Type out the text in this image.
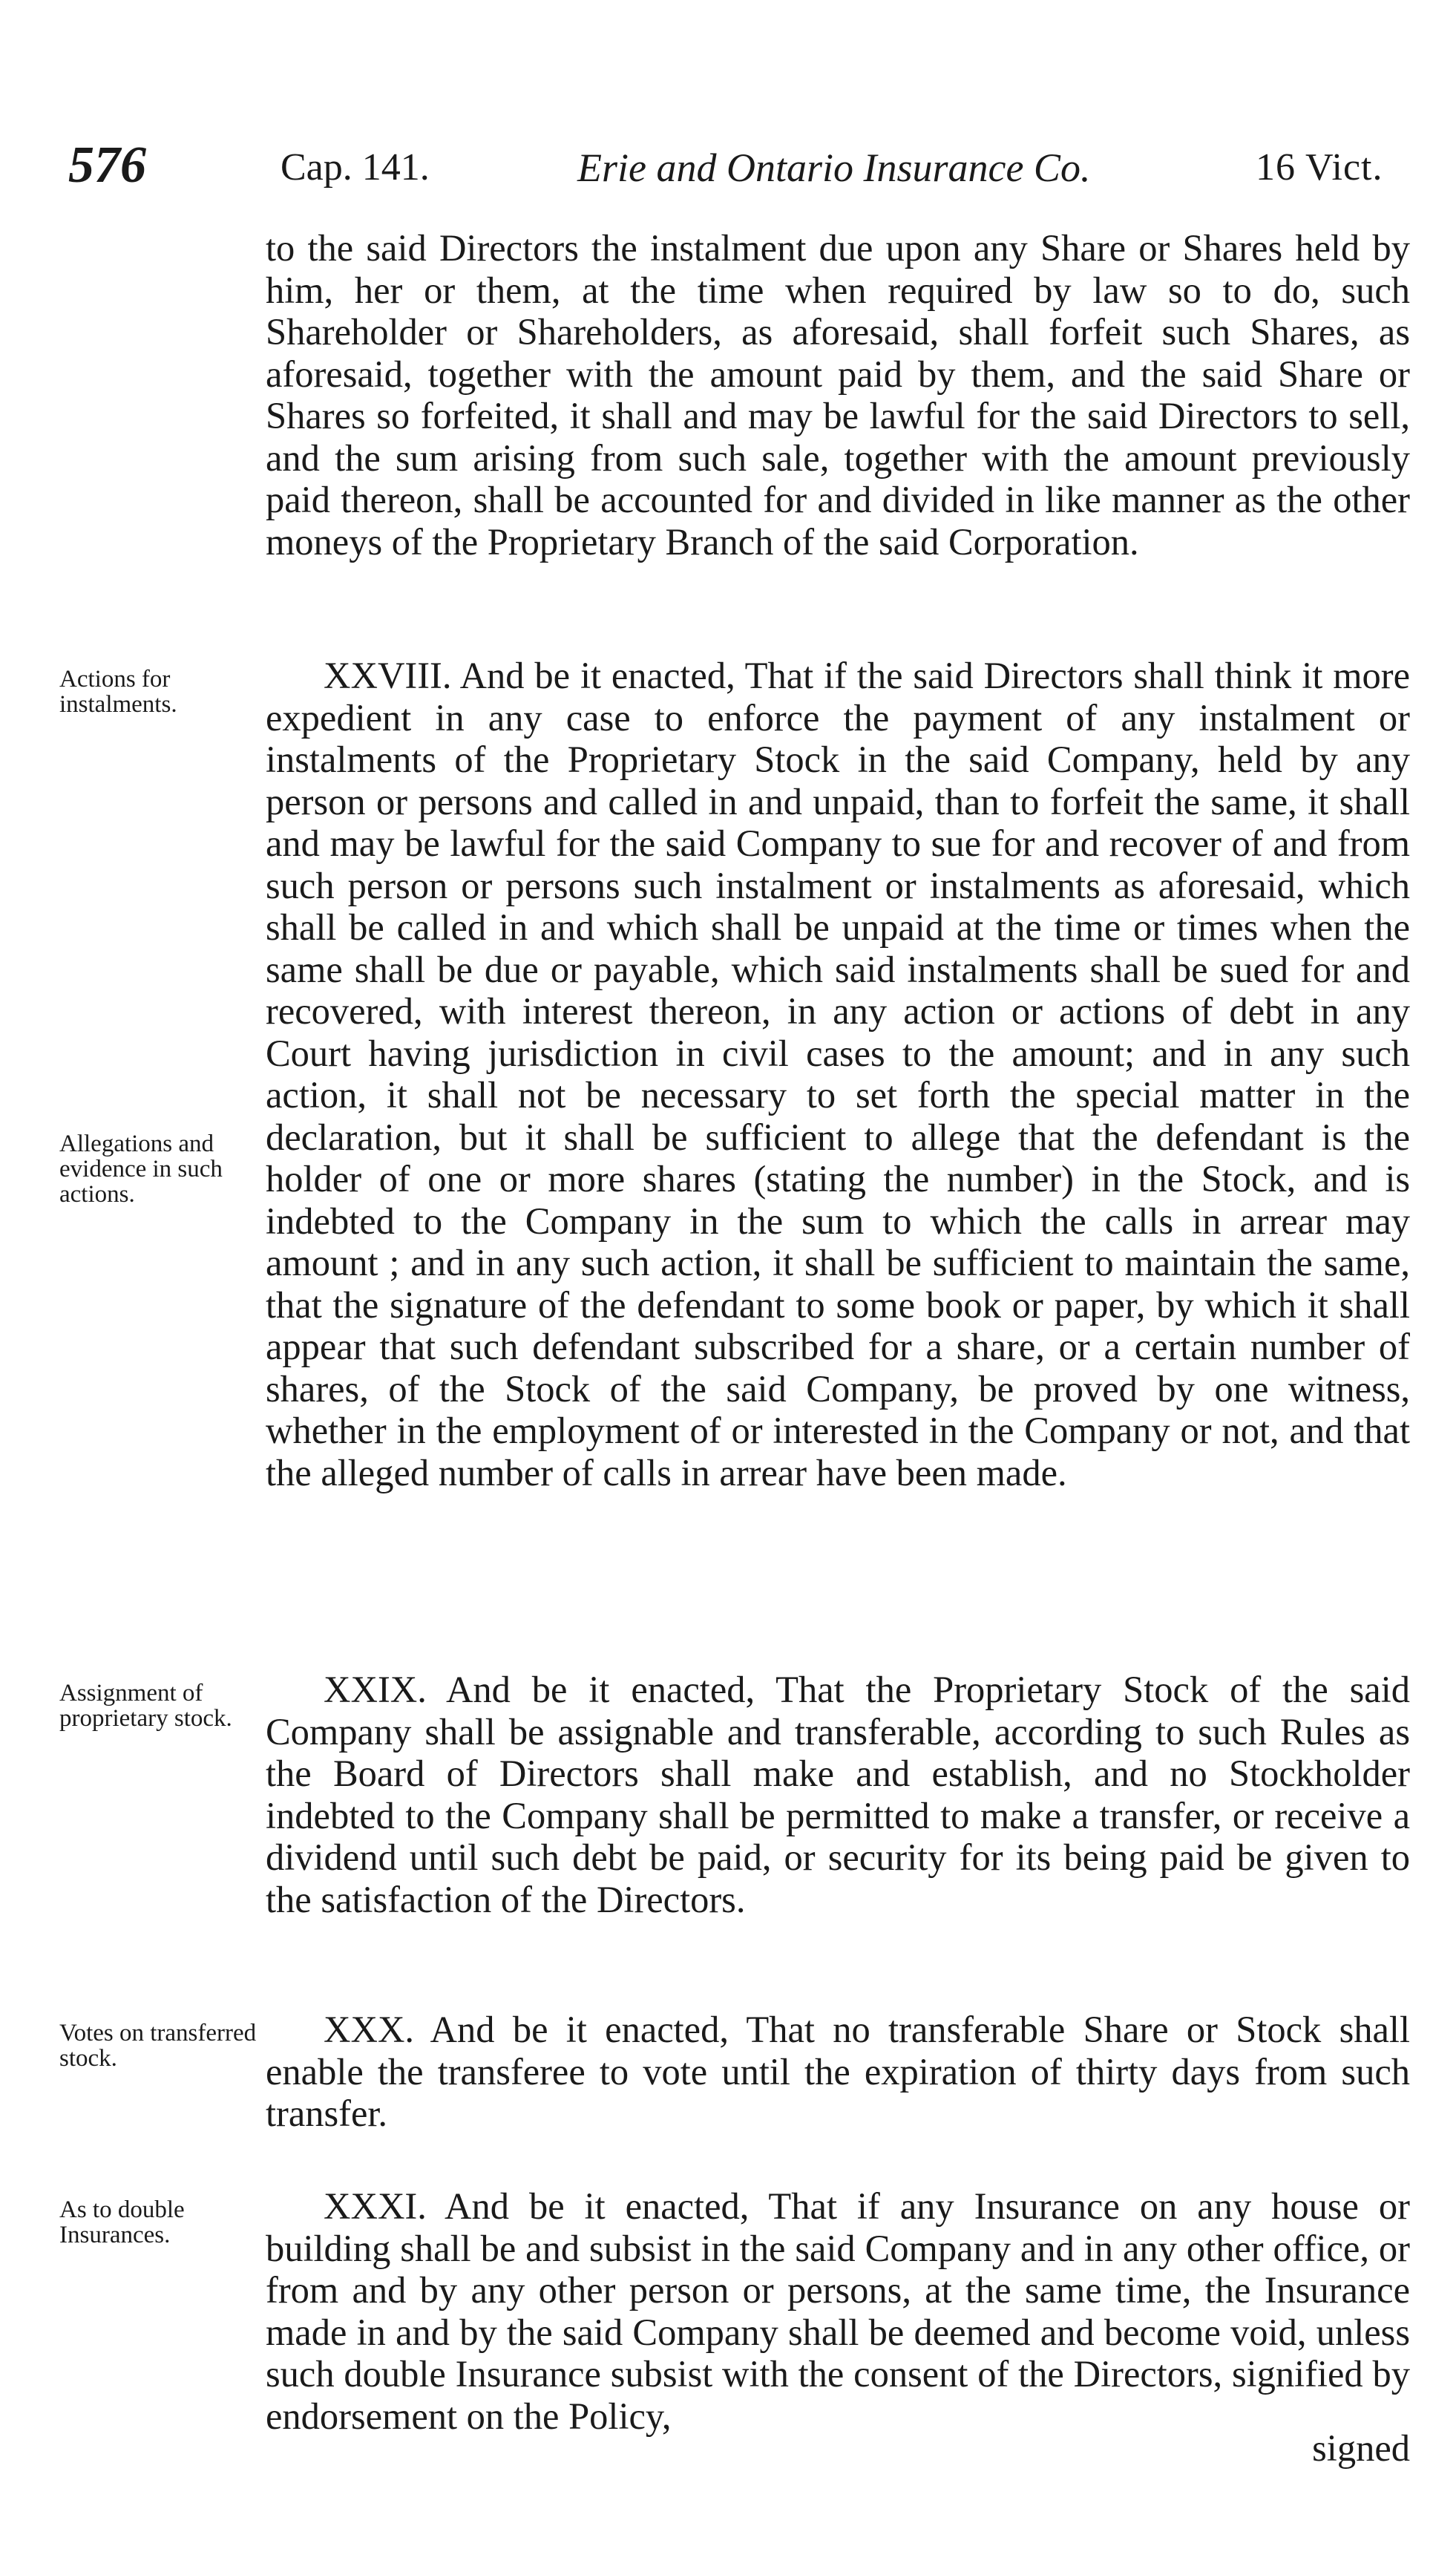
576	Cap. 141.	Erie and Ontario Insurance Co.	16 Vict.

to the said Directors the instalment due upon any Share or Shares held by him, her or them, at the time when required by law so to do, such Shareholder or Shareholders, as aforesaid, shall forfeit such Shares, as aforesaid, together with the amount paid by them, and the said Share or Shares so forfeited, it shall and may be lawful for the said Directors to sell, and the sum arising from such sale, together with the amount previously paid thereon, shall be accounted for and divided in like manner as the other moneys of the Proprietary Branch of the said Corporation.

Actions for instalments.

XXVIII. And be it enacted, That if the said Directors shall think it more expedient in any case to enforce the payment of any instalment or instalments of the Proprietary Stock in the said Company, held by any person or persons and called in and unpaid, than to forfeit the same, it shall and may be lawful for the said Company to sue for and recover of and from such person or persons such instalment or instalments as aforesaid, which shall be called in and which shall be unpaid at the time or times when the same shall be due or payable, which said instalments shall be sued for and recovered, with interest thereon, in any action or actions of debt in any Court having jurisdiction in civil cases to the amount; and in any such action, it shall not be necessary to set forth the special matter in the declaration, but it shall be sufficient to allege that the defendant is the holder of one or more shares (stating the number) in the Stock, and is indebted to the Company in the sum to which the calls in arrear may amount ; and in any such action, it shall be sufficient to maintain the same, that the signature of the defendant to some book or paper, by which it shall appear that such defendant subscribed for a share, or a certain number of shares, of the Stock of the said Company, be proved by one witness, whether in the employment of or interested in the Company or not, and that the alleged number of calls in arrear have been made.

Allegations and evidence in such actions.

Assignment of proprietary stock.

XXIX. And be it enacted, That the Proprietary Stock of the said Company shall be assignable and transferable, according to such Rules as the Board of Directors shall make and establish, and no Stockholder indebted to the Company shall be permitted to make a transfer, or receive a dividend until such debt be paid, or security for its being paid be given to the satisfaction of the Directors.

Votes on transferred stock.

XXX. And be it enacted, That no transferable Share or Stock shall enable the transferee to vote until the expiration of thirty days from such transfer.

As to double Insurances.

XXXI. And be it enacted, That if any Insurance on any house or building shall be and subsist in the said Company and in any other office, or from and by any other person or persons, at the same time, the Insurance made in and by the said Company shall be deemed and become void, unless such double Insurance subsist with the consent of the Directors, signified by endorsement on the Policy,

signed
